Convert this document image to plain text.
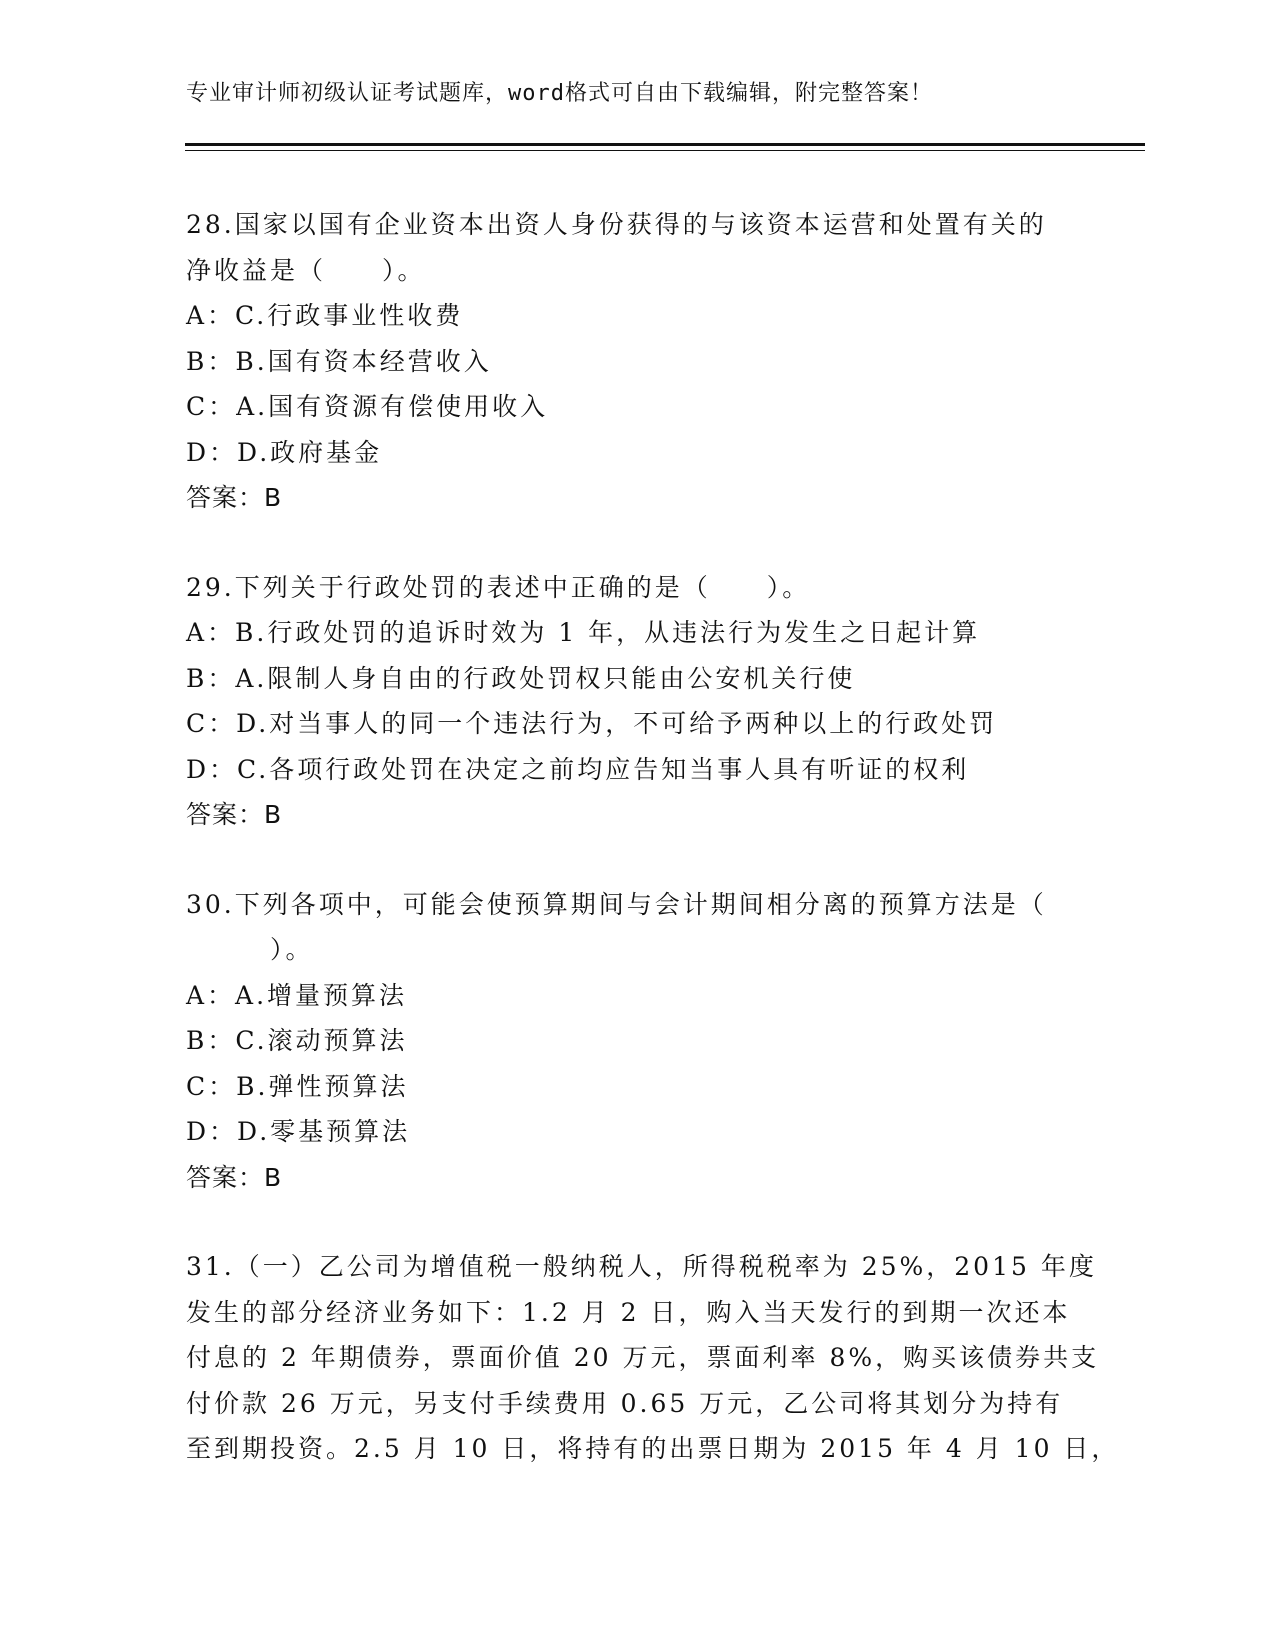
专业审计师初级认证考试题库，word格式可自由下载编辑，附完整答案！
28.国家以国有企业资本出资人身份获得的与该资本运营和处置有关的
净收益是（　　）。
A：C.行政事业性收费
B：B.国有资本经营收入
C：A.国有资源有偿使用收入
D：D.政府基金
答案：B
29.下列关于行政处罚的表述中正确的是（　　）。
A：B.行政处罚的追诉时效为 1 年，从违法行为发生之日起计算
B：A.限制人身自由的行政处罚权只能由公安机关行使
C：D.对当事人的同一个违法行为，不可给予两种以上的行政处罚
D：C.各项行政处罚在决定之前均应告知当事人具有听证的权利
答案：B
30.下列各项中，可能会使预算期间与会计期间相分离的预算方法是（
　　　）。
A：A.增量预算法
B：C.滚动预算法
C：B.弹性预算法
D：D.零基预算法
答案：B
31.（一）乙公司为增值税一般纳税人，所得税税率为 25%，2015 年度
发生的部分经济业务如下：1.2 月 2 日，购入当天发行的到期一次还本
付息的 2 年期债券，票面价值 20 万元，票面利率 8%，购买该债券共支
付价款 26 万元，另支付手续费用 0.65 万元，乙公司将其划分为持有
至到期投资。2.5 月 10 日，将持有的出票日期为 2015 年 4 月 10 日，
